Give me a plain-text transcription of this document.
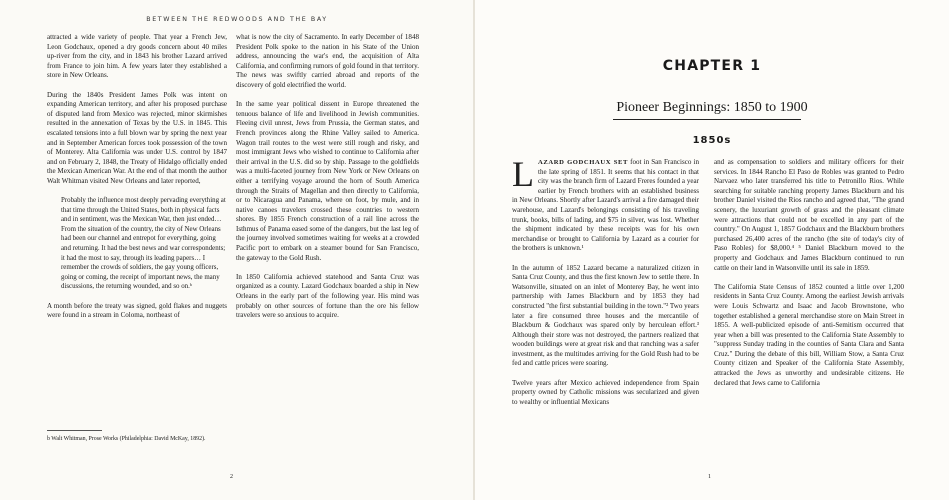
BETWEEN THE REDWOODS AND THE BAY

attracted a wide variety of people. That year a French Jew, Leon Godchaux, opened a dry goods concern about 40 miles up-river from the city, and in 1843 his brother Lazard arrived from France to join him. A few years later they established a store in New Orleans.

During the 1840s President James Polk was intent on expanding American territory, and after his proposed purchase of disputed land from Mexico was rejected, minor skirmishes resulted in the annexation of Texas by the U.S. in 1845. This escalated tensions into a full blown war by spring the next year and in September American forces took possession of the town of Monterey. Alta California was under U.S. control by 1847 and on February 2, 1848, the Treaty of Hidalgo officially ended the Mexican American War. At the end of that month the author Walt Whitman visited New Orleans and later reported,

Probably the influence most deeply pervading everything at that time through the United States, both in physical facts and in sentiment, was the Mexican War, then just ended… From the situation of the country, the city of New Orleans had been our channel and entrepot for everything, going and returning. It had the best news and war correspondents; it had the most to say, through its leading papers… I remember the crowds of soldiers, the gay young officers, going or coming, the receipt of important news, the many discussions, the returning wounded, and so on.ᵇ

A month before the treaty was signed, gold flakes and nuggets were found in a stream in Coloma, northeast of

what is now the city of Sacramento. In early December of 1848 President Polk spoke to the nation in his State of the Union address, announcing the war's end, the acquisition of Alta California, and confirming rumors of gold found in that territory. The news was swiftly carried abroad and reports of the discovery of gold electrified the world.

In the same year political dissent in Europe threatened the tenuous balance of life and livelihood in Jewish communities. Fleeing civil unrest, Jews from Prussia, the German states, and French provinces along the Rhine Valley sailed to America. Wagon trail routes to the west were still rough and risky, and most immigrant Jews who wished to continue to California after their arrival in the U.S. did so by ship. Passage to the goldfields was a multi-faceted journey from New York or New Orleans on either a terrifying voyage around the horn of South America through the Straits of Magellan and then directly to California, or to Nicaragua and Panama, where on foot, by mule, and in native canoes travelers crossed these countries to western shores. By 1855 French construction of a rail line across the Isthmus of Panama eased some of the dangers, but the last leg of the journey involved sometimes waiting for weeks at a crowded Pacific port to embark on a steamer bound for San Francisco, the gateway to the Gold Rush.

In 1850 California achieved statehood and Santa Cruz was organized as a county. Lazard Godchaux boarded a ship in New Orleans in the early part of the following year. His mind was probably on other sources of fortune than the ore his fellow travelers were so anxious to acquire.

b Walt Whitman, Prose Works (Philadelphia: David McKay, 1892).
2
CHAPTER 1
Pioneer Beginnings: 1850 to 1900
1850s

LAZARD GODCHAUX SET foot in San Francisco in the late spring of 1851. It seems that his contact in that city was the branch firm of Lazard Freres founded a year earlier by French brothers with an established business in New Orleans. Shortly after Lazard's arrival a fire damaged their warehouse, and Lazard's belongings consisting of his traveling trunk, books, bills of lading, and $75 in silver, was lost. Whether the shipment indicated by these receipts was for his own merchandise or brought to California by Lazard as a courier for the brothers is unknown.¹

In the autumn of 1852 Lazard became a naturalized citizen in Santa Cruz County, and thus the first known Jew to settle there. In Watsonville, situated on an inlet of Monterey Bay, he went into partnership with James Blackburn and by 1853 they had constructed "the first substantial building in the town."² Two years later a fire consumed three houses and the mercantile of Blackburn & Godchaux was spared only by herculean effort.³ Although their store was not destroyed, the partners realized that wooden buildings were at great risk and that ranching was a safer investment, as the multitudes arriving for the Gold Rush had to be fed and cattle prices were soaring.

Twelve years after Mexico achieved independence from Spain property owned by Catholic missions was secularized and given to wealthy or influential Mexicans

and as compensation to soldiers and military officers for their services. In 1844 Rancho El Paso de Robles was granted to Pedro Narvaez who later transferred his title to Petronillo Rios. While searching for suitable ranching property James Blackburn and his brother Daniel visited the Rios rancho and agreed that, "The grand scenery, the luxuriant growth of grass and the pleasant climate were attractions that could not be excelled in any part of the country." On August 1, 1857 Godchaux and the Blackburn brothers purchased 26,400 acres of the rancho (the site of today's city of Paso Robles) for $8,000.⁴ ⁵ Daniel Blackburn moved to the property and Godchaux and James Blackburn continued to run cattle on their land in Watsonville until its sale in 1859.

The California State Census of 1852 counted a little over 1,200 residents in Santa Cruz County. Among the earliest Jewish arrivals were Louis Schwartz and Isaac and Jacob Brownstone, who together established a general merchandise store on Main Street in 1855. A well-publicized episode of anti-Semitism occurred that year when a bill was presented to the California State Assembly to "suppress Sunday trading in the counties of Santa Clara and Santa Cruz." During the debate of this bill, William Stow, a Santa Cruz County citizen and Speaker of the California State Assembly, attracked the Jews as unworthy and undesirable citizens. He declared that Jews came to California

1
